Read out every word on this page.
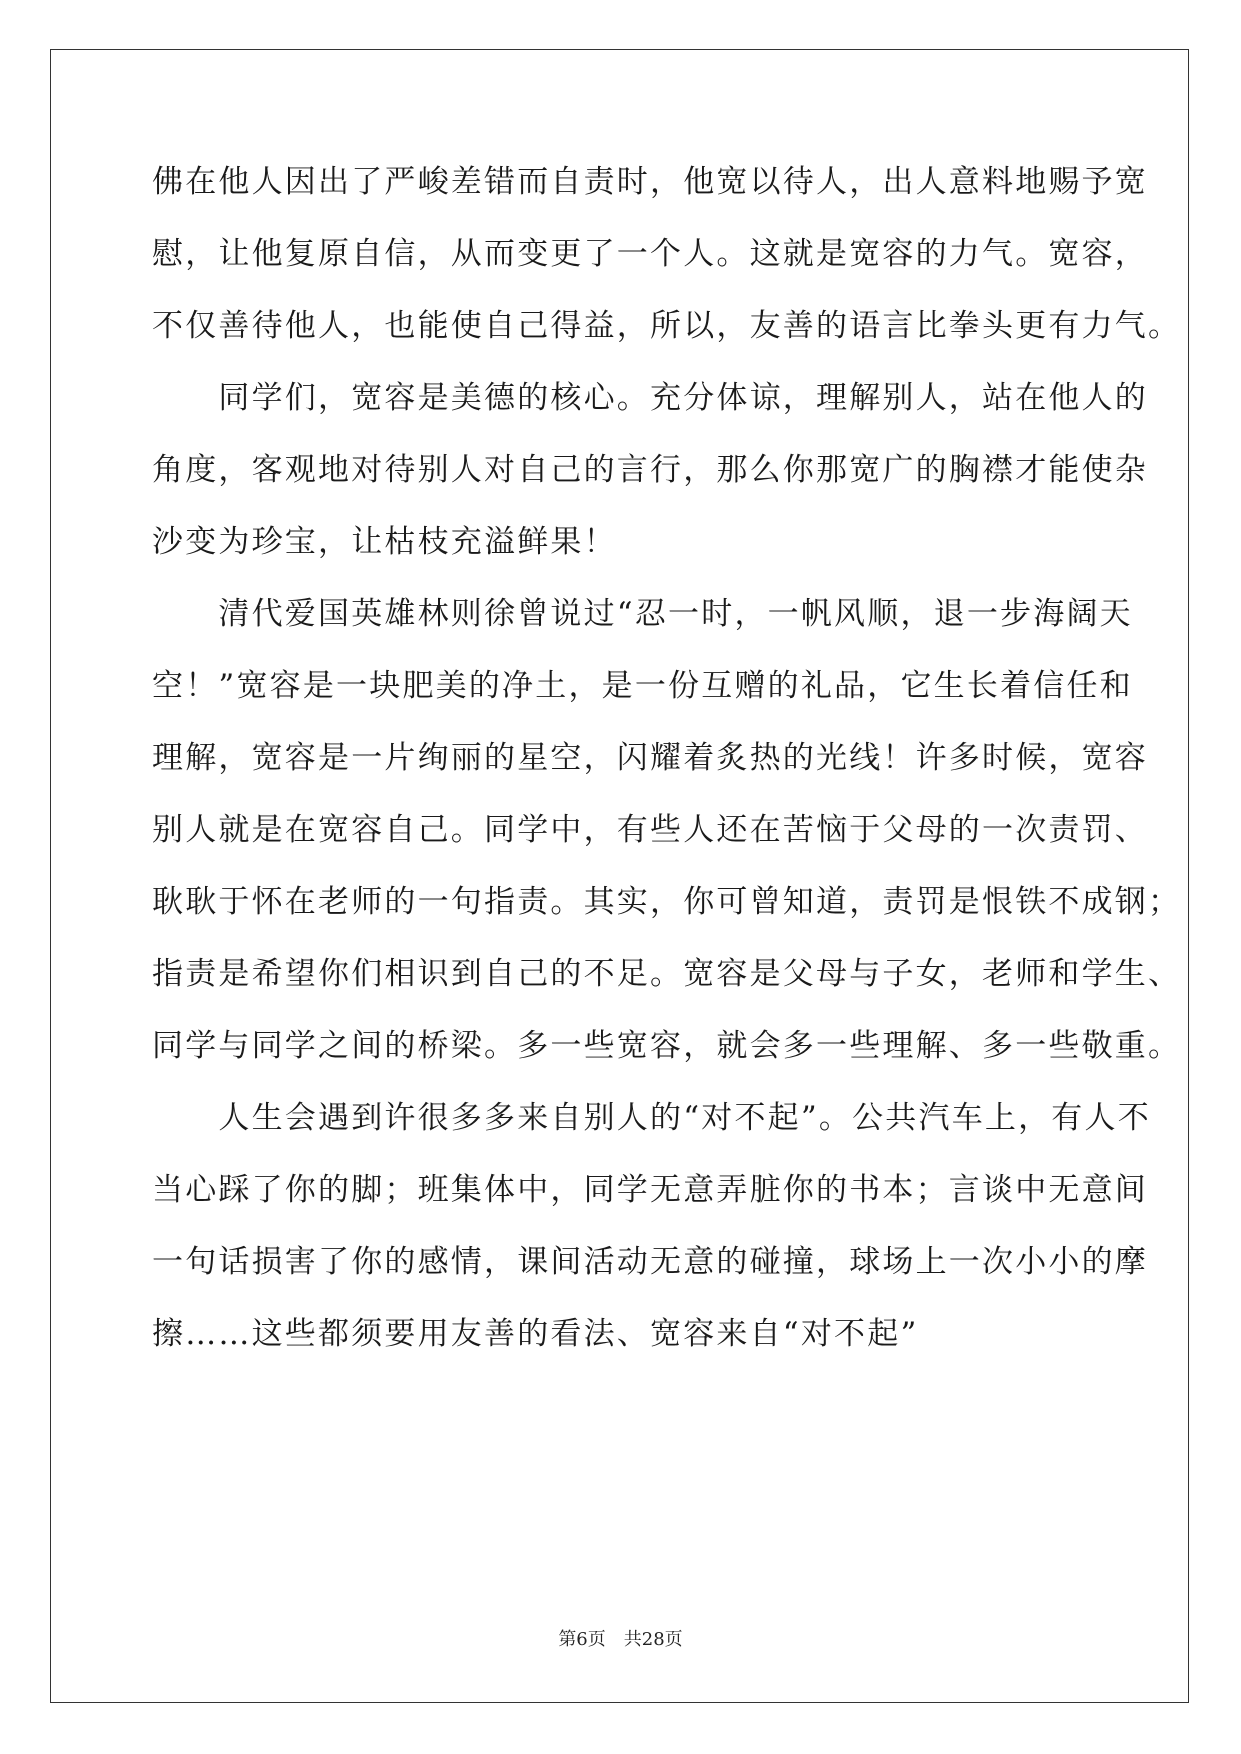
佛在他人因出了严峻差错而自责时，他宽以待人，出人意料地赐予宽
慰，让他复原自信，从而变更了一个人。这就是宽容的力气。宽容，
不仅善待他人，也能使自己得益，所以，友善的语言比拳头更有力气。
　　同学们，宽容是美德的核心。充分体谅，理解别人，站在他人的
角度，客观地对待别人对自己的言行，那么你那宽广的胸襟才能使杂
沙变为珍宝，让枯枝充溢鲜果！
　　清代爱国英雄林则徐曾说过“忍一时，一帆风顺，退一步海阔天
空！”宽容是一块肥美的净土，是一份互赠的礼品，它生长着信任和
理解，宽容是一片绚丽的星空，闪耀着炙热的光线！许多时候，宽容
别人就是在宽容自己。同学中，有些人还在苦恼于父母的一次责罚、
耿耿于怀在老师的一句指责。其实，你可曾知道，责罚是恨铁不成钢；
指责是希望你们相识到自己的不足。宽容是父母与子女，老师和学生、
同学与同学之间的桥梁。多一些宽容，就会多一些理解、多一些敬重。
　　人生会遇到许很多多来自别人的“对不起”。公共汽车上，有人不
当心踩了你的脚；班集体中，同学无意弄脏你的书本；言谈中无意间
一句话损害了你的感情，课间活动无意的碰撞，球场上一次小小的摩
擦……这些都须要用友善的看法、宽容来自“对不起”
第6页　共28页
